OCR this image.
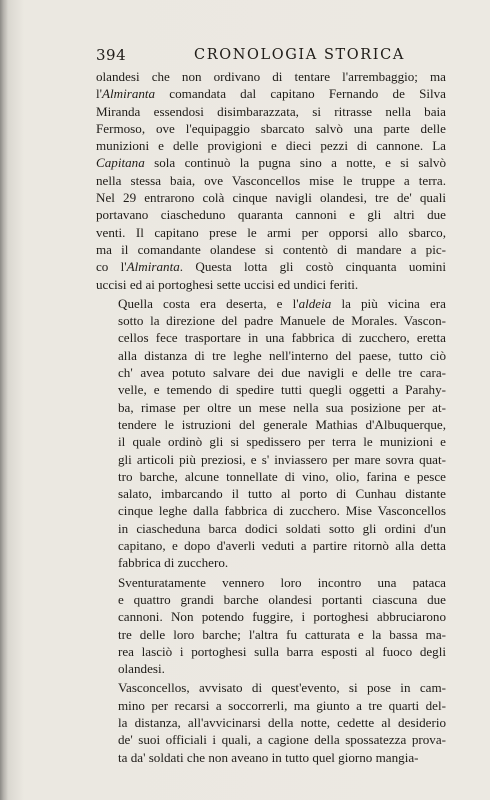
394	CRONOLOGIA STORICA
olandesi che non ordivano di tentare l'arrembaggio; ma
l'Almiranta comandata dal capitano Fernando de Silva
Miranda essendosi disimbarazzata, si ritrasse nella baia
Fermoso, ove l'equipaggio sbarcato salvò una parte delle
munizioni e delle provigioni e dieci pezzi di cannone. La
Capitana sola continuò la pugna sino a notte, e si salvò
nella stessa baia, ove Vasconcellos mise le truppe a terra.
Nel 29 entrarono colà cinque navigli olandesi, tre de' quali
portavano ciascheduno quaranta cannoni e gli altri due
venti. Il capitano prese le armi per opporsi allo sbarco,
ma il comandante olandese si contentò di mandare a pic-
co l'Almiranta. Questa lotta gli costò cinquanta uomini
uccisi ed ai portoghesi sette uccisi ed undici feriti.
Quella costa era deserta, e l'aldeia la più vicina era
sotto la direzione del padre Manuele de Morales. Vascon-
cellos fece trasportare in una fabbrica di zucchero, eretta
alla distanza di tre leghe nell'interno del paese, tutto ciò
ch' avea potuto salvare dei due navigli e delle tre cara-
velle, e temendo di spedire tutti quegli oggetti a Parahy-
ba, rimase per oltre un mese nella sua posizione per at-
tendere le istruzioni del generale Mathias d'Albuquerque,
il quale ordinò gli si spedissero per terra le munizioni e
gli articoli più preziosi, e s' inviassero per mare sovra quat-
tro barche, alcune tonnellate di vino, olio, farina e pesce
salato, imbarcando il tutto al porto di Cunhau distante
cinque leghe dalla fabbrica di zucchero. Mise Vasconcellos
in ciascheduna barca dodici soldati sotto gli ordini d'un
capitano, e dopo d'averli veduti a partire ritornò alla detta
fabbrica di zucchero.
Sventuratamente vennero loro incontro una pataca
e quattro grandi barche olandesi portanti ciascuna due
cannoni. Non potendo fuggire, i portoghesi abbruciarono
tre delle loro barche; l'altra fu catturata e la bassa ma-
rea lasciò i portoghesi sulla barra esposti al fuoco degli
olandesi.
Vasconcellos, avvisato di quest'evento, si pose in cam-
mino per recarsi a soccorrerli, ma giunto a tre quarti del-
la distanza, all'avvicinarsi della notte, cedette al desiderio
de' suoi officiali i quali, a cagione della spossatezza prova-
ta da' soldati che non aveano in tutto quel giorno mangia-
